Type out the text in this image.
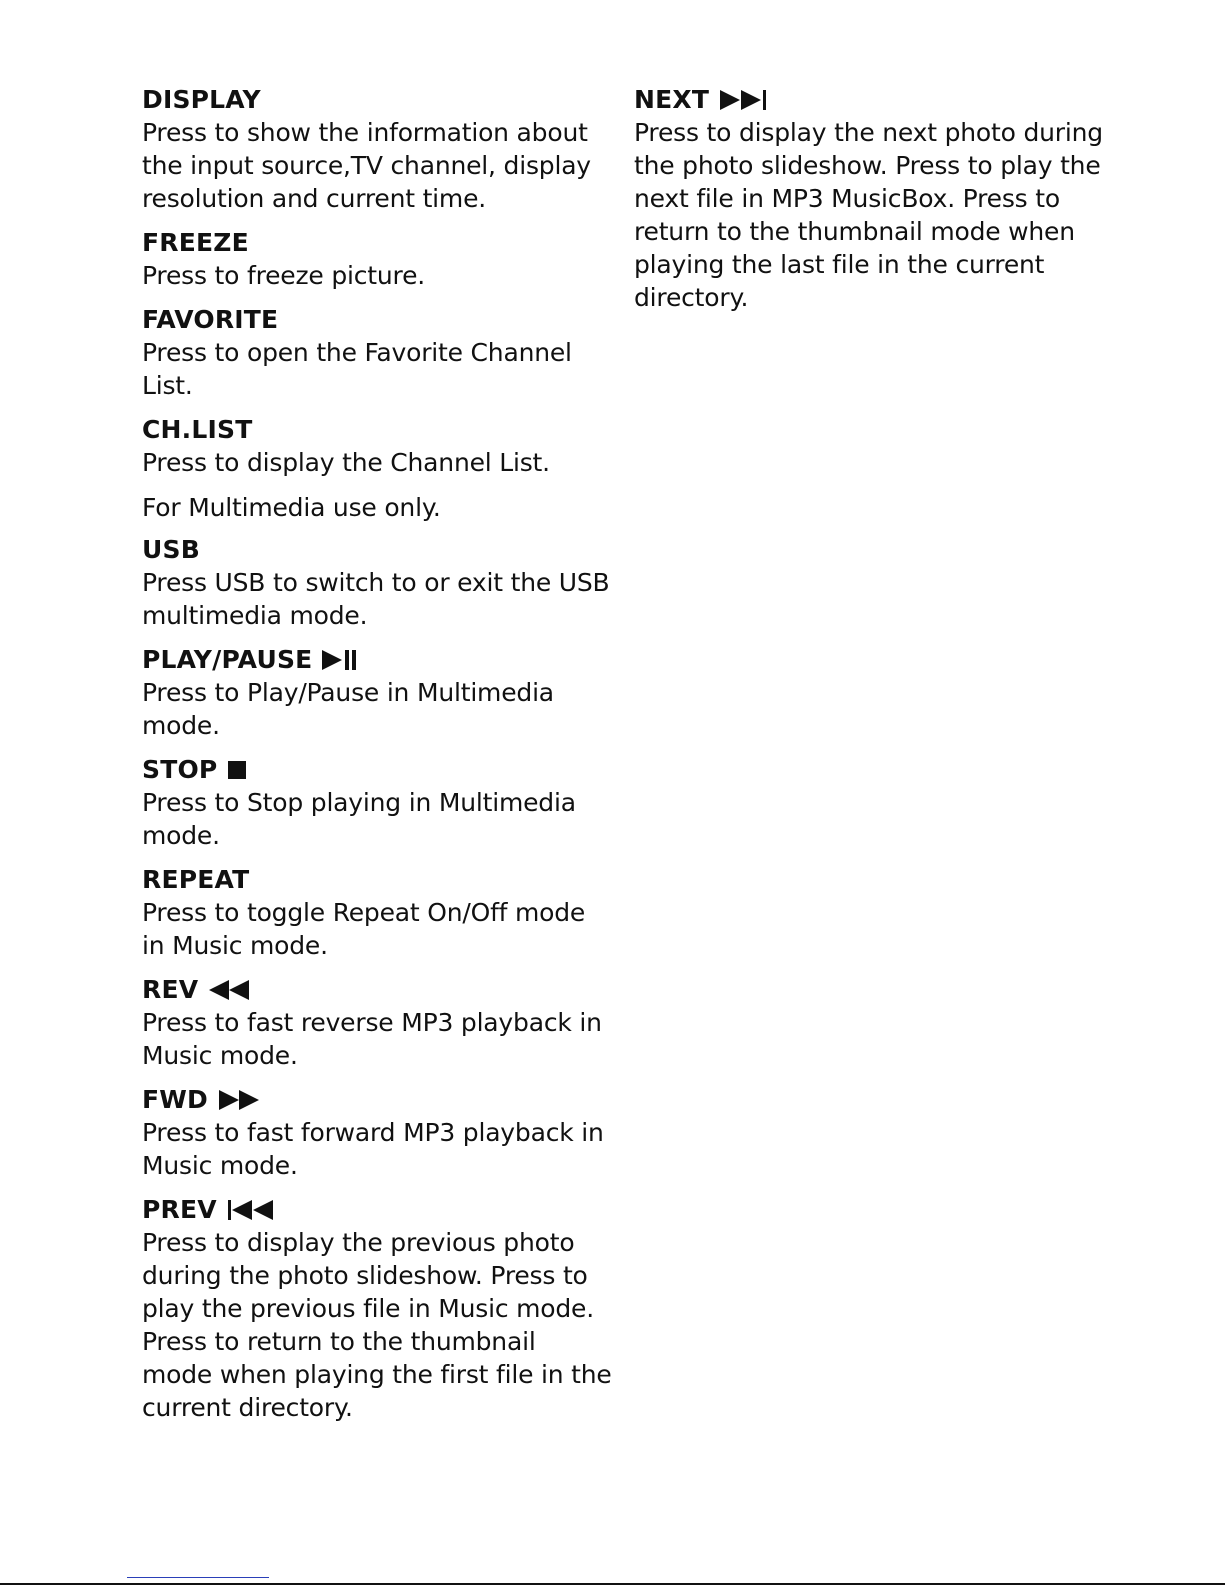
DISPLAY
Press to show the information about the input source,TV channel, display resolution and current time.
FREEZE
Press to freeze picture.
FAVORITE
Press to open the Favorite Channel List.
CH.LIST
Press to display the Channel List.
For Multimedia use only.
USB
Press USB to switch to or exit the USB multimedia mode.
PLAY/PAUSE
Press to Play/Pause in Multimedia mode.
STOP
Press to Stop playing in Multimedia mode.
REPEAT
Press to toggle Repeat On/Off mode in Music mode.
REV
Press to fast reverse MP3 playback in Music mode.
FWD
Press to fast forward MP3 playback in Music mode.
PREV
Press to display the previous photo during the photo slideshow. Press to play the previous file in Music mode. Press to return to the thumbnail mode when playing the first file in the current directory.
NEXT
Press to display the next photo during the photo slideshow. Press to play the next file in MP3 MusicBox. Press to return to the thumbnail mode when playing the last file in the current directory.
